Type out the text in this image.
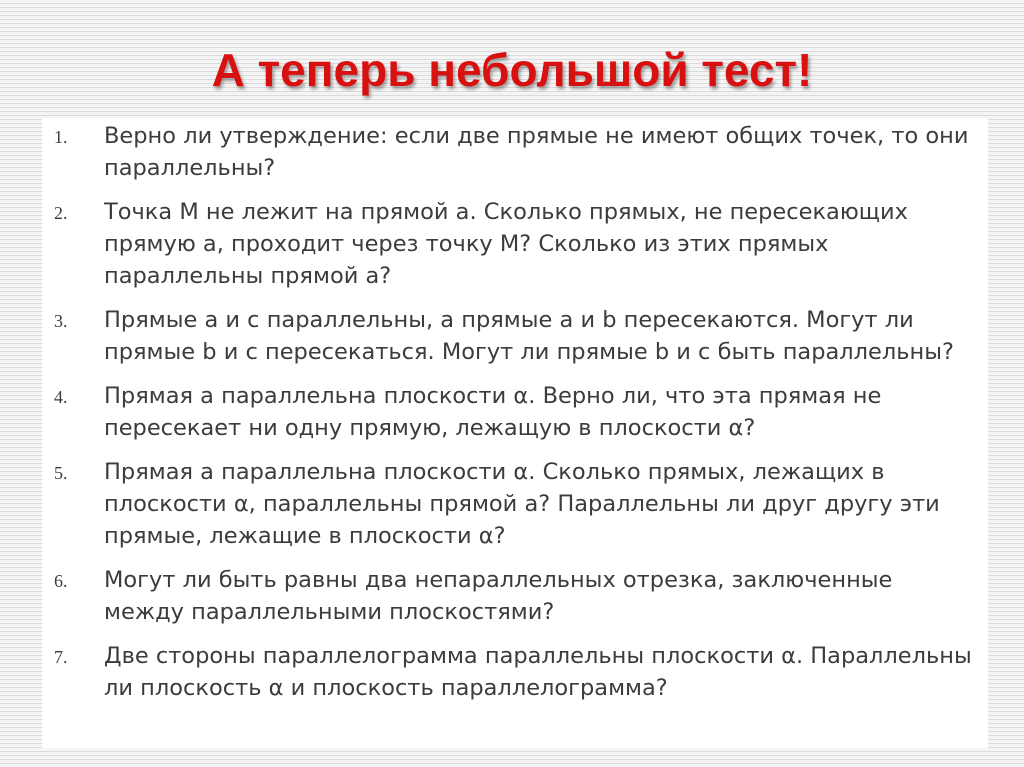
А теперь небольшой тест!
1. Верно ли утверждение: если две прямые не имеют общих точек, то они параллельны?
2. Точка М не лежит на прямой а. Сколько прямых, не пересекающих прямую а, проходит через точку М? Сколько из этих прямых параллельны прямой а?
3. Прямые а и с параллельны, а прямые a и b пересекаются. Могут ли прямые b и с пересекаться. Могут ли прямые b и c быть параллельны?
4. Прямая а параллельна плоскости α. Верно ли, что эта прямая не пересекает ни одну прямую, лежащую в плоскости α?
5. Прямая а параллельна плоскости α. Сколько прямых, лежащих в плоскости α, параллельны прямой а? Параллельны ли друг другу эти прямые, лежащие в плоскости α?
6. Могут ли быть равны два непараллельных отрезка, заключенные между параллельными плоскостями?
7. Две стороны параллелограмма параллельны плоскости α. Параллельны ли плоскость α и плоскость параллелограмма?
